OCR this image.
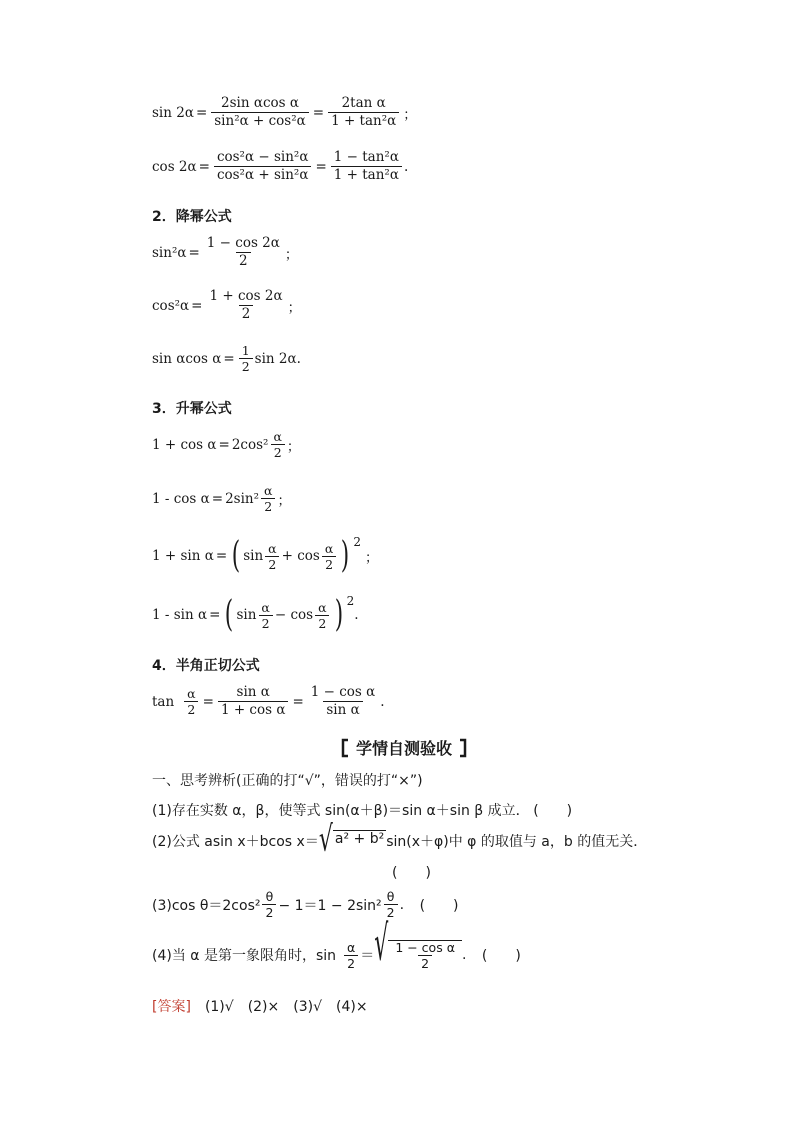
$\sin 2\alpha = \frac{\text{2sin αcos α}}{\text{sin²α + cos²α}} = \frac{\text{2tan α}}{\text{1 + tan²α}}$ ；
$\cos 2\alpha = \frac{\text{cos²α − sin²α}}{\text{cos²α + sin²α}} = \frac{\text{1 − tan²α}}{\text{1 + tan²α}}$ .
2．降幂公式
$\sin^2\alpha = \frac{1 - \cos 2\alpha}{2}$ ；
$\cos^2\alpha = \frac{1 + \cos 2\alpha}{2}$ ；
sin αcos $\alpha = \frac{1}{2}$ sin 2α.
3．升幂公式
$1 + \cos \alpha = 2\cos^2 \frac{\alpha}{2}$ ；
$1 - \cos \alpha = 2\sin^2 \frac{\alpha}{2}$ ；
1 + sin α = ( $\sin \frac{\alpha}{2} + \cos \frac{\alpha}{2}$ ) 2
；
1 - sin α = ( $\sin \frac{\alpha}{2} - \cos \frac{\alpha}{2}$ ) 2
.
4．半角正切公式
$\tan \frac{\alpha}{2} = \frac{\text{sin α}}{\text{1 + cos α}} = \frac{\text{1 − cos α}}{\text{sin α}}$ .
学情自测验收
一、思考辨析(正确的打“√”，错误的打“×”)
(1)存在实数 α，β，使等式 sin(α＋β)＝sin α＋sin β 成立． (　　)
(2)公式 asin x＋bcos x＝ √ a² + b² sin(x＋φ)中 φ 的取值与 a，b 的值无关．
(　　)
(3)cos $\theta=2\cos^2 \frac{\theta}{2} - 1=1 - 2\sin^2 \frac{\theta}{2}$ . (　　)
(4)当 α 是第一象限角时，$\sin \frac{\alpha}{2}$ ＝ √ $\frac{\text{1 − cos α}}{2}$ . (　　)
[答案] (1)√　(2)×　(3)√　(4)×
